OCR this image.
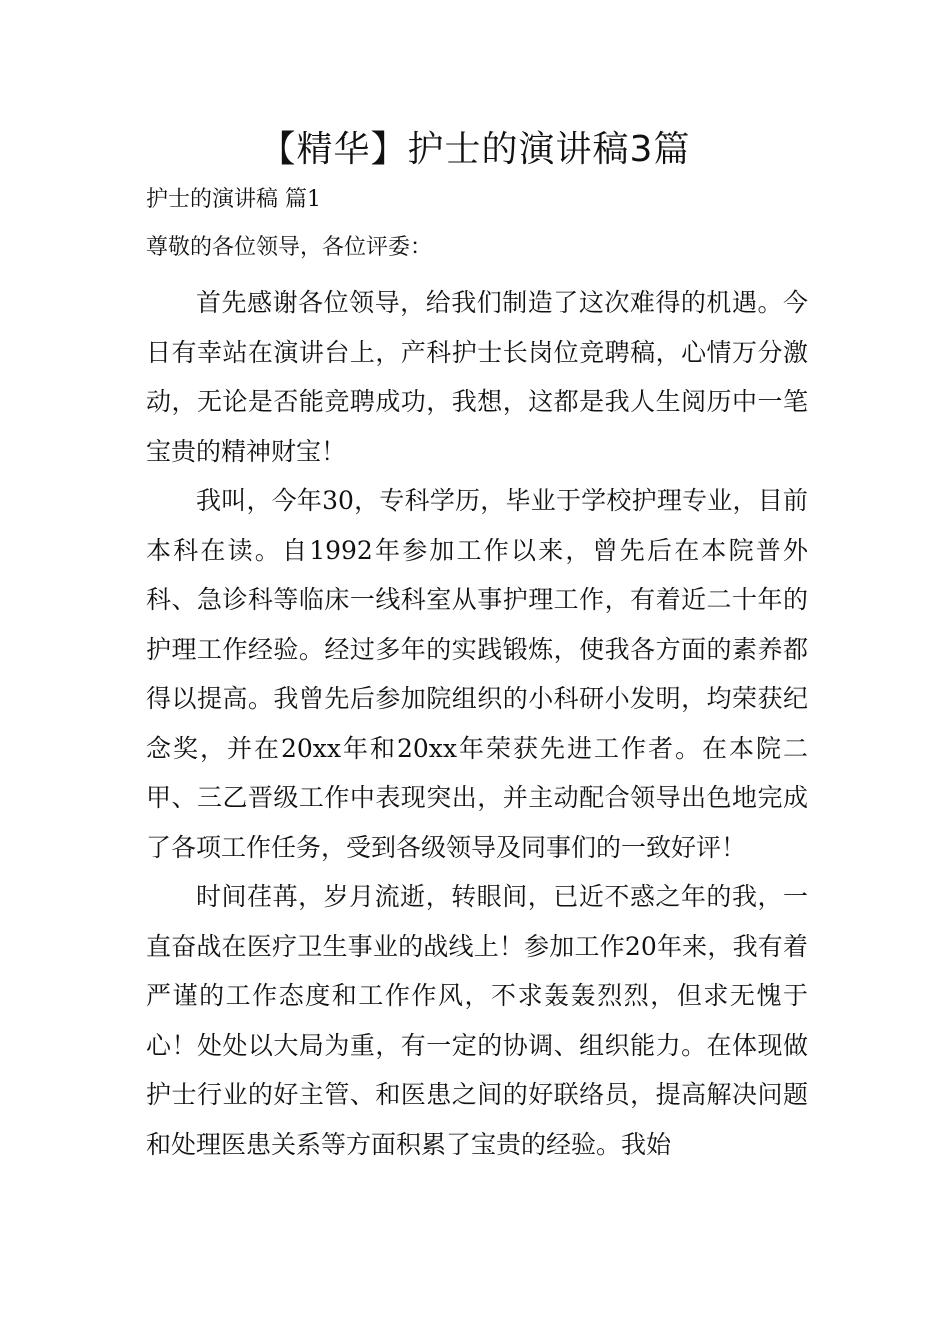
【精华】护士的演讲稿3篇
护士的演讲稿 篇1
尊敬的各位领导，各位评委：

首先感谢各位领导，给我们制造了这次难得的机遇。今日有幸站在演讲台上，产科护士长岗位竞聘稿，心情万分激动，无论是否能竞聘成功，我想，这都是我人生阅历中一笔宝贵的精神财宝！

我叫，今年30，专科学历，毕业于学校护理专业，目前本科在读。自1992年参加工作以来，曾先后在本院普外科、急诊科等临床一线科室从事护理工作，有着近二十年的护理工作经验。经过多年的实践锻炼，使我各方面的素养都得以提高。我曾先后参加院组织的小科研小发明，均荣获纪念奖，并在20xx年和20xx年荣获先进工作者。在本院二甲、三乙晋级工作中表现突出，并主动配合领导出色地完成了各项工作任务，受到各级领导及同事们的一致好评！

时间荏苒，岁月流逝，转眼间，已近不惑之年的我，一直奋战在医疗卫生事业的战线上！参加工作20年来，我有着严谨的工作态度和工作作风，不求轰轰烈烈，但求无愧于心！处处以大局为重，有一定的协调、组织能力。在体现做护士行业的好主管、和医患之间的好联络员，提高解决问题和处理医患关系等方面积累了宝贵的经验。我始
